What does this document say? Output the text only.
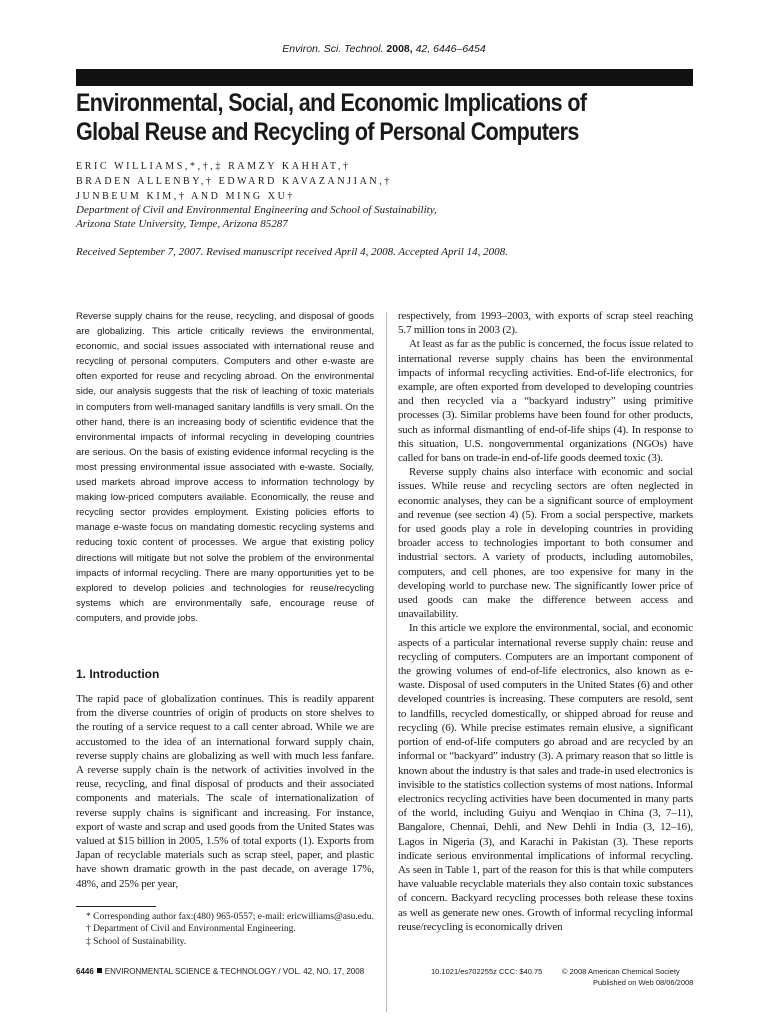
Environ. Sci. Technol. 2008, 42, 6446–6454
Environmental, Social, and Economic Implications of
Global Reuse and Recycling of Personal Computers
ERIC WILLIAMS,*,†,‡ RAMZY KAHHAT,†
BRADEN ALLENBY,† EDWARD KAVAZANJIAN,†
JUNBEUM KIM,† AND MING XU†
Department of Civil and Environmental Engineering and School of Sustainability,
Arizona State University, Tempe, Arizona 85287
Received September 7, 2007. Revised manuscript received April 4, 2008. Accepted April 14, 2008.
Reverse supply chains for the reuse, recycling, and disposal of goods are globalizing. This article critically reviews the environmental, economic, and social issues associated with international reuse and recycling of personal computers. Computers and other e-waste are often exported for reuse and recycling abroad. On the environmental side, our analysis suggests that the risk of leaching of toxic materials in computers from well-managed sanitary landfills is very small. On the other hand, there is an increasing body of scientific evidence that the environmental impacts of informal recycling in developing countries are serious. On the basis of existing evidence informal recycling is the most pressing environmental issue associated with e-waste. Socially, used markets abroad improve access to information technology by making low-priced computers available. Economically, the reuse and recycling sector provides employment. Existing policies efforts to manage e-waste focus on mandating domestic recycling systems and reducing toxic content of processes. We argue that existing policy directions will mitigate but not solve the problem of the environmental impacts of informal recycling. There are many opportunities yet to be explored to develop policies and technologies for reuse/recycling systems which are environmentally safe, encourage reuse of computers, and provide jobs.
1. Introduction

The rapid pace of globalization continues. This is readily apparent from the diverse countries of origin of products on store shelves to the routing of a service request to a call center abroad. While we are accustomed to the idea of an international forward supply chain, reverse supply chains are globalizing as well with much less fanfare. A reverse supply chain is the network of activities involved in the reuse, recycling, and final disposal of products and their associated components and materials. The scale of internationalization of reverse supply chains is significant and increasing. For instance, export of waste and scrap and used goods from the United States was valued at $15 billion in 2005, 1.5% of total exports (1). Exports from Japan of recyclable materials such as scrap steel, paper, and plastic have shown dramatic growth in the past decade, on average 17%, 48%, and 25% per year,

respectively, from 1993–2003, with exports of scrap steel reaching 5.7 million tons in 2003 (2).

At least as far as the public is concerned, the focus issue related to international reverse supply chains has been the environmental impacts of informal recycling activities. End-of-life electronics, for example, are often exported from developed to developing countries and then recycled via a “backyard industry” using primitive processes (3). Similar problems have been found for other products, such as informal dismantling of end-of-life ships (4). In response to this situation, U.S. nongovernmental organizations (NGOs) have called for bans on trade-in end-of-life goods deemed toxic (3).

Reverse supply chains also interface with economic and social issues. While reuse and recycling sectors are often neglected in economic analyses, they can be a significant source of employment and revenue (see section 4) (5). From a social perspective, markets for used goods play a role in developing countries in providing broader access to technologies important to both consumer and industrial sectors. A variety of products, including automobiles, computers, and cell phones, are too expensive for many in the developing world to purchase new. The significantly lower price of used goods can make the difference between access and unavailability.

In this article we explore the environmental, social, and economic aspects of a particular international reverse supply chain: reuse and recycling of computers. Computers are an important component of the growing volumes of end-of-life electronics, also known as e-waste. Disposal of used computers in the United States (6) and other developed countries is increasing. These computers are resold, sent to landfills, recycled domestically, or shipped abroad for reuse and recycling (6). While precise estimates remain elusive, a significant portion of end-of-life computers go abroad and are recycled by an informal or “backyard” industry (3). A primary reason that so little is known about the industry is that sales and trade-in used electronics is invisible to the statistics collection systems of most nations. Informal electronics recycling activities have been documented in many parts of the world, including Guiyu and Wenqiao in China (3, 7–11), Bangalore, Chennai, Dehli, and New Dehli in India (3, 12–16), Lagos in Nigeria (3), and Karachi in Pakistan (3). These reports indicate serious environmental implications of informal recycling. As seen in Table 1, part of the reason for this is that while computers have valuable recyclable materials they also contain toxic substances of concern. Backyard recycling processes both release these toxins as well as generate new ones. Growth of informal recycling informal reuse/recycling is economically driven

* Corresponding author fax:(480) 965-0557; e-mail: ericwilliams@asu.edu.
† Department of Civil and Environmental Engineering.
‡ School of Sustainability.
6446 ENVIRONMENTAL SCIENCE & TECHNOLOGY / VOL. 42, NO. 17, 2008	10.1021/es702255z CCC: $40.75	© 2008 American Chemical Society
Published on Web 08/06/2008
